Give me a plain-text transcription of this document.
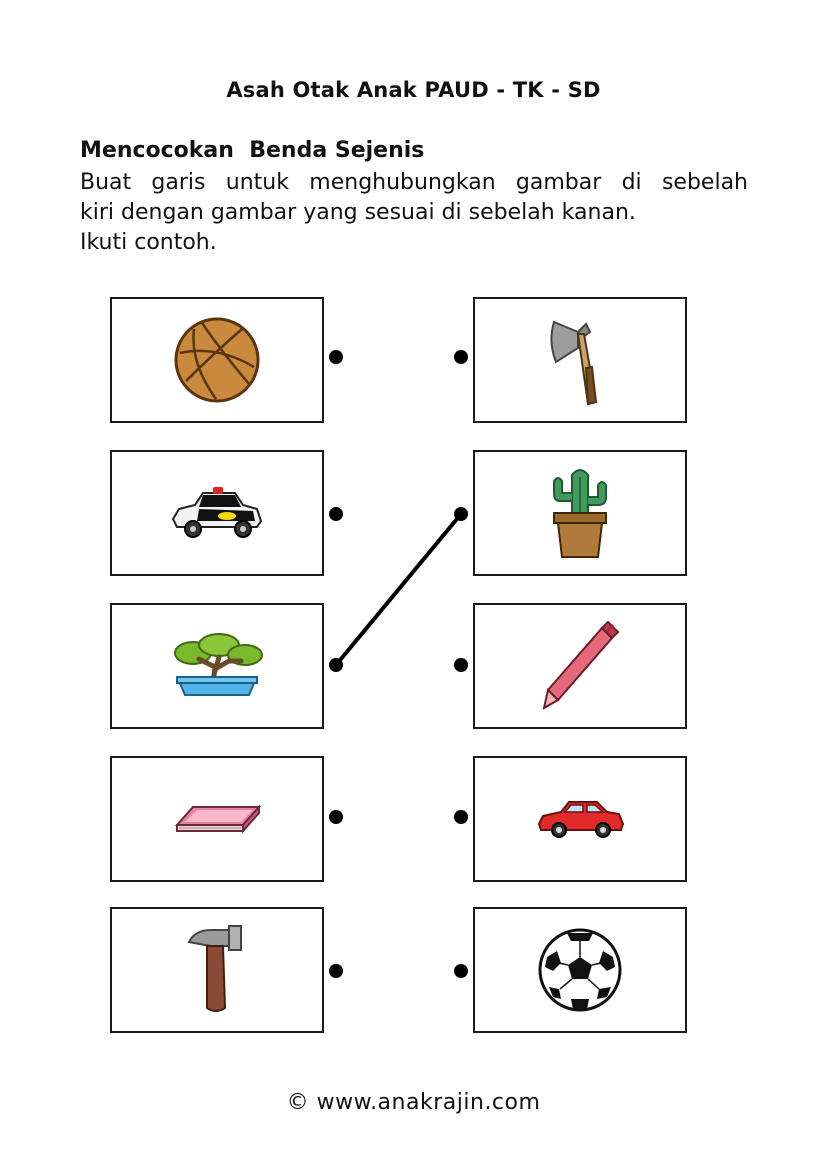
Asah Otak Anak PAUD - TK - SD
Mencocokan  Benda Sejenis
Buat garis untuk menghubungkan gambar di sebelah
kiri dengan gambar yang sesuai di sebelah kanan.
Ikuti contoh.
© www.anakrajin.com
